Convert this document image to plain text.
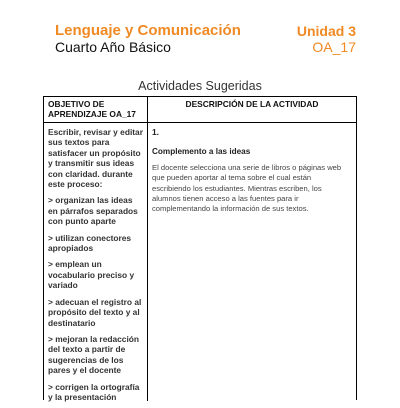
Lenguaje y Comunicación
Cuarto Año Básico
Unidad 3
OA_17
Actividades Sugeridas
OBJETIVO DE APRENDIZAJE OA_17
DESCRIPCIÓN DE LA ACTIVIDAD

Escribir, revisar y editar sus textos para satisfacer un propósito y transmitir sus ideas con claridad. durante este proceso:

> organizan las ideas en párrafos separados con punto aparte

> utilizan conectores apropiados

> emplean un vocabulario preciso y variado

> adecuan el registro al propósito del texto y al destinatario

> mejoran la redacción del texto a partir de sugerencias de los pares y el docente

> corrigen la ortografía y la presentación

1.

Complemento a las ideas

El docente selecciona una serie de libros o páginas web que pueden aportar al tema sobre el cual están escribiendo los estudiantes. Mientras escriben, los alumnos tienen acceso a las fuentes para ir complementando la información de sus textos.
